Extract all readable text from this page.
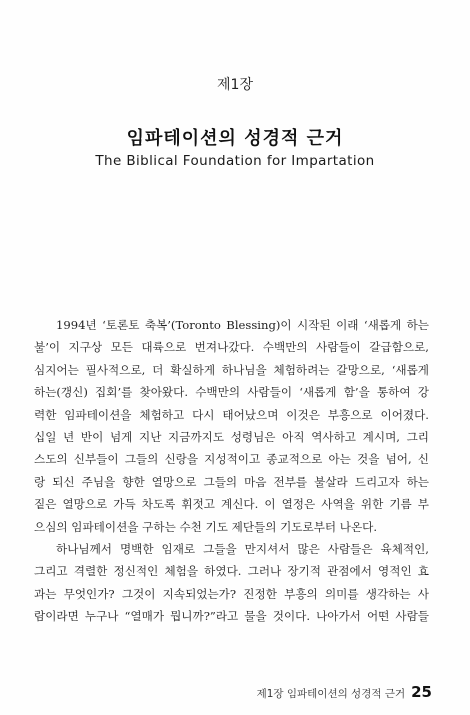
제1장
임파테이션의 성경적 근거
The Biblical Foundation for Impartation
1994년 ‘토론토 축복’(Toronto Blessing)이 시작된 이래 ‘새롭게 하는
불’이 지구상 모든 대륙으로 번져나갔다. 수백만의 사람들이 갈급함으로,
심지어는 필사적으로, 더 확실하게 하나님을 체험하려는 갈망으로, ‘새롭게
하는(갱신) 집회’를 찾아왔다. 수백만의 사람들이 ‘새롭게 함’을 통하여 강
력한 임파테이션을 체험하고 다시 태어났으며 이것은 부흥으로 이어졌다.
십일 년 반이 넘게 지난 지금까지도 성령님은 아직 역사하고 계시며, 그리
스도의 신부들이 그들의 신랑을 지성적이고 종교적으로 아는 것을 넘어, 신
랑 되신 주님을 향한 열망으로 그들의 마음 전부를 불살라 드리고자 하는
짙은 열망으로 가득 차도록 휘젓고 계신다. 이 열정은 사역을 위한 기름 부
으심의 임파테이션을 구하는 수천 기도 제단들의 기도로부터 나온다.
하나님께서 명백한 임재로 그들을 만지셔서 많은 사람들은 육체적인,
그리고 격렬한 정신적인 체험을 하였다. 그러나 장기적 관점에서 영적인 효
과는 무엇인가? 그것이 지속되었는가? 진정한 부흥의 의미를 생각하는 사
람이라면 누구나 “열매가 뭡니까?”라고 물을 것이다. 나아가서 어떤 사람들
제1장 임파테이션의 성경적 근거 25
